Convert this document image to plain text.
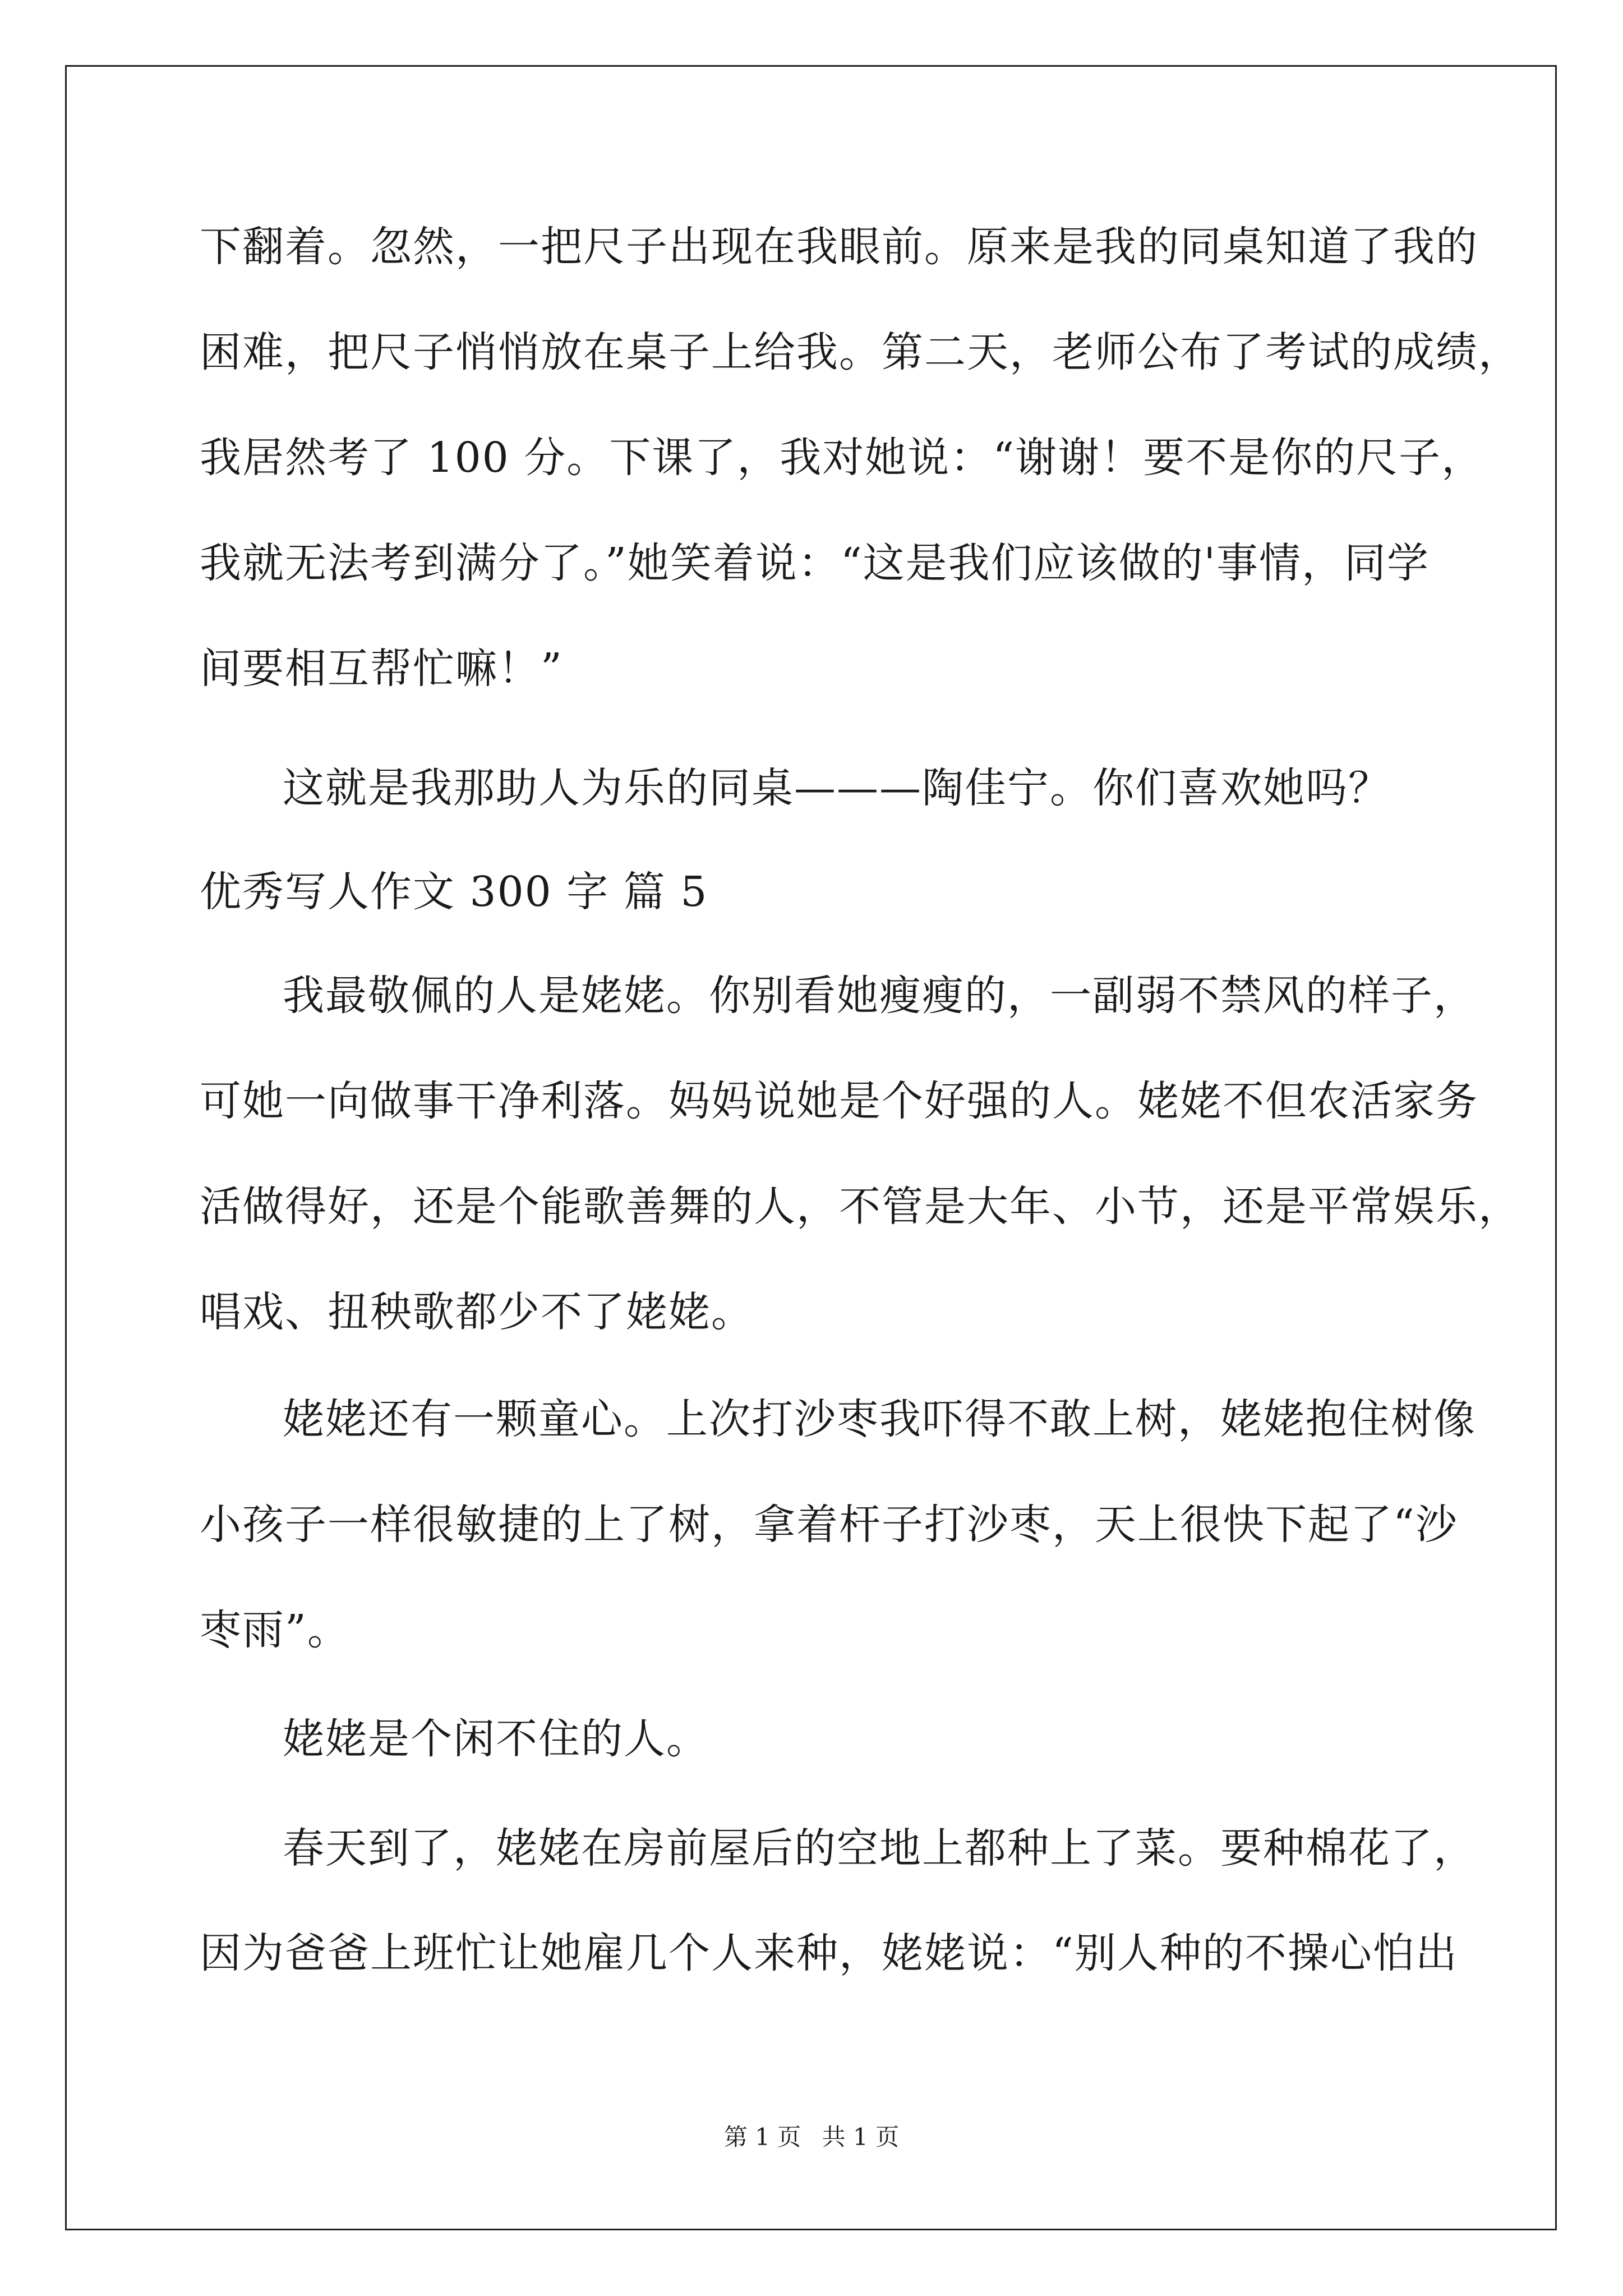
下翻着。忽然，一把尺子出现在我眼前。原来是我的同桌知道了我的
困难，把尺子悄悄放在桌子上给我。第二天，老师公布了考试的成绩，
我居然考了 100 分。下课了，我对她说：“谢谢！要不是你的尺子，
我就无法考到满分了。”她笑着说：“这是我们应该做的'事情，同学
间要相互帮忙嘛！”
这就是我那助人为乐的同桌———陶佳宁。你们喜欢她吗？
优秀写人作文 300 字 篇 5
我最敬佩的人是姥姥。你别看她瘦瘦的，一副弱不禁风的样子，
可她一向做事干净利落。妈妈说她是个好强的人。姥姥不但农活家务
活做得好，还是个能歌善舞的人，不管是大年、小节，还是平常娱乐，
唱戏、扭秧歌都少不了姥姥。
姥姥还有一颗童心。上次打沙枣我吓得不敢上树，姥姥抱住树像
小孩子一样很敏捷的上了树，拿着杆子打沙枣，天上很快下起了“沙
枣雨”。
姥姥是个闲不住的人。
春天到了，姥姥在房前屋后的空地上都种上了菜。要种棉花了，
因为爸爸上班忙让她雇几个人来种，姥姥说：“别人种的不操心怕出
第 1 页 共 1 页
